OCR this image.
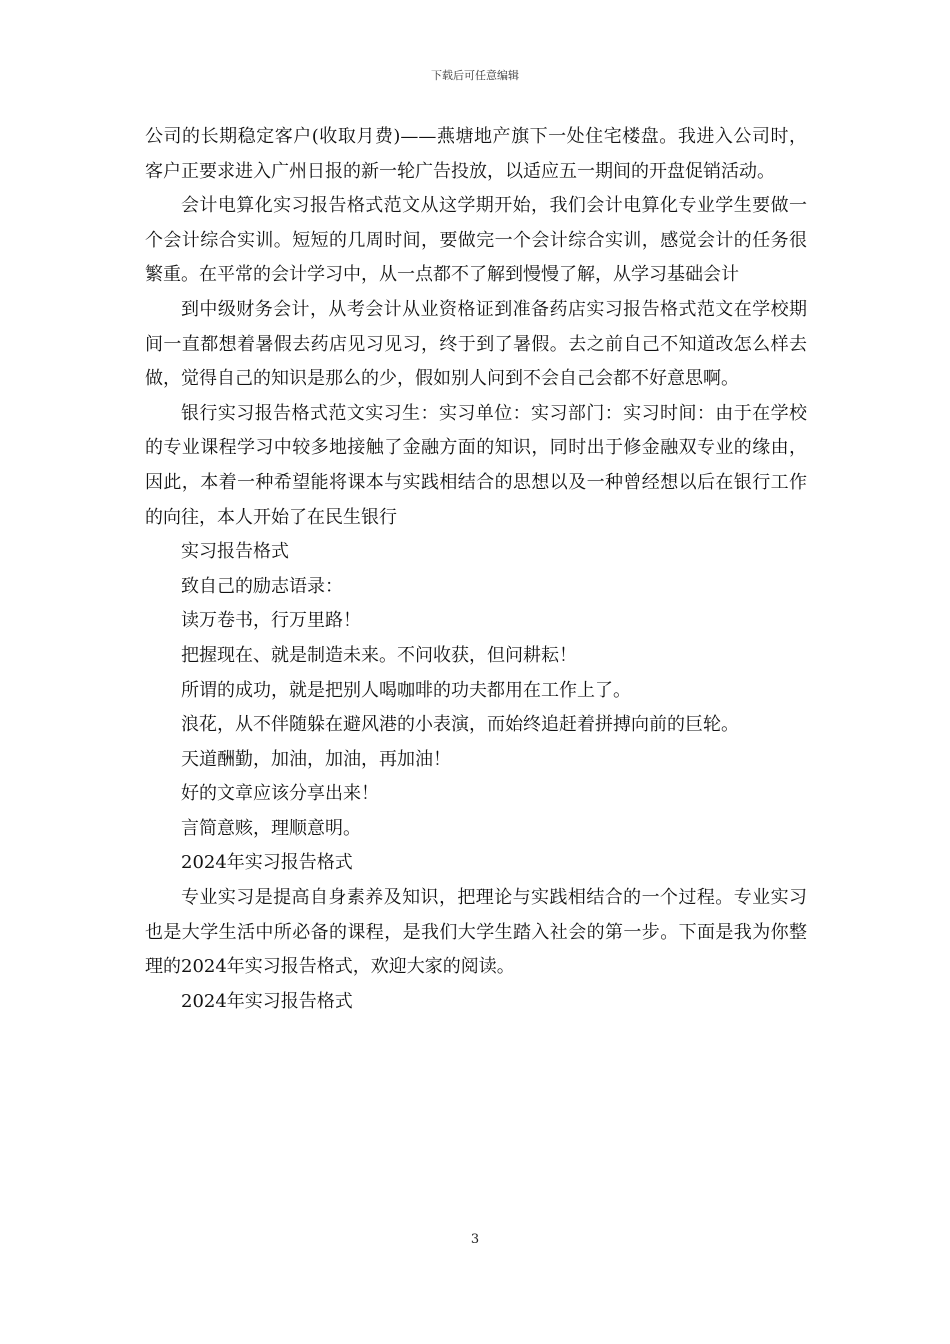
下载后可任意编辑

公司的长期稳定客户(收取月费)——燕塘地产旗下一处住宅楼盘。我进入公司时，客户正要求进入广州日报的新一轮广告投放，以适应五一期间的开盘促销活动。

会计电算化实习报告格式范文从这学期开始，我们会计电算化专业学生要做一个会计综合实训。短短的几周时间，要做完一个会计综合实训，感觉会计的任务很繁重。在平常的会计学习中，从一点都不了解到慢慢了解，从学习基础会计

到中级财务会计，从考会计从业资格证到准备药店实习报告格式范文在学校期间一直都想着暑假去药店见习见习，终于到了暑假。去之前自己不知道改怎么样去做，觉得自己的知识是那么的少，假如别人问到不会自己会都不好意思啊。

银行实习报告格式范文实习生：实习单位：实习部门：实习时间：由于在学校的专业课程学习中较多地接触了金融方面的知识，同时出于修金融双专业的缘由，因此，本着一种希望能将课本与实践相结合的思想以及一种曾经想以后在银行工作的向往，本人开始了在民生银行

实习报告格式

致自己的励志语录：

读万卷书，行万里路！

把握现在、就是制造未来。不问收获，但问耕耘！

所谓的成功，就是把别人喝咖啡的功夫都用在工作上了。

浪花，从不伴随躲在避风港的小表演，而始终追赶着拼搏向前的巨轮。

天道酬勤，加油，加油，再加油！

好的文章应该分享出来！

言简意赅，理顺意明。

2024年实习报告格式

专业实习是提高自身素养及知识，把理论与实践相结合的一个过程。专业实习也是大学生活中所必备的课程，是我们大学生踏入社会的第一步。下面是我为你整理的2024年实习报告格式，欢迎大家的阅读。

2024年实习报告格式

3
